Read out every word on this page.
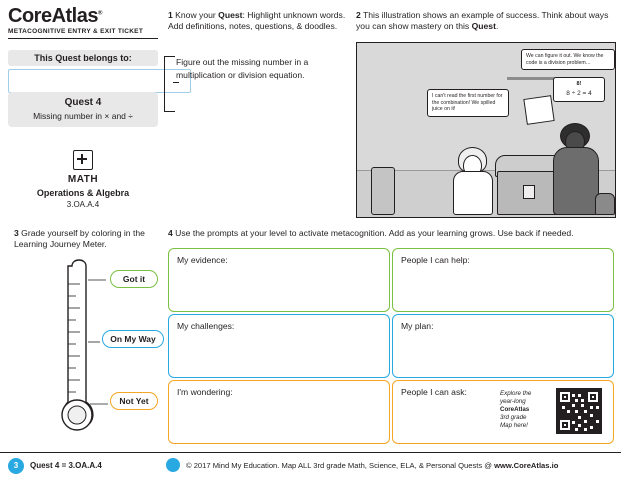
CoreAtlas®
METACOGNITIVE ENTRY & EXIT TICKET
This Quest belongs to:
Quest 4
Missing number in × and ÷
MATH
Operations & Algebra
3.OA.A.4
1 Know your Quest: Highlight unknown words. Add definitions, notes, questions, & doodles.
Figure out the missing number in a multiplication or division equation.
2 This illustration shows an example of success. Think about ways you can show mastery on this Quest.
I can't read the first number for the combination! We spilled juice on it!
We can figure it out. We know the code is a division problem…
8!
8 ÷ 2 = 4
3 Grade yourself by coloring in the Learning Journey Meter.
Got it
On My Way
Not Yet
4 Use the prompts at your level to activate metacognition. Add as your learning grows. Use back if needed.
My evidence:	People I can help:
My challenges:	My plan:
I'm wondering:	People I can ask:	Explore the
year-long
CoreAtlas
3rd grade
Map here!
3	Quest 4 = 3.OA.A.4	© 2017 Mind My Education. Map ALL 3rd grade Math, Science, ELA, & Personal Quests @ www.CoreAtlas.io
